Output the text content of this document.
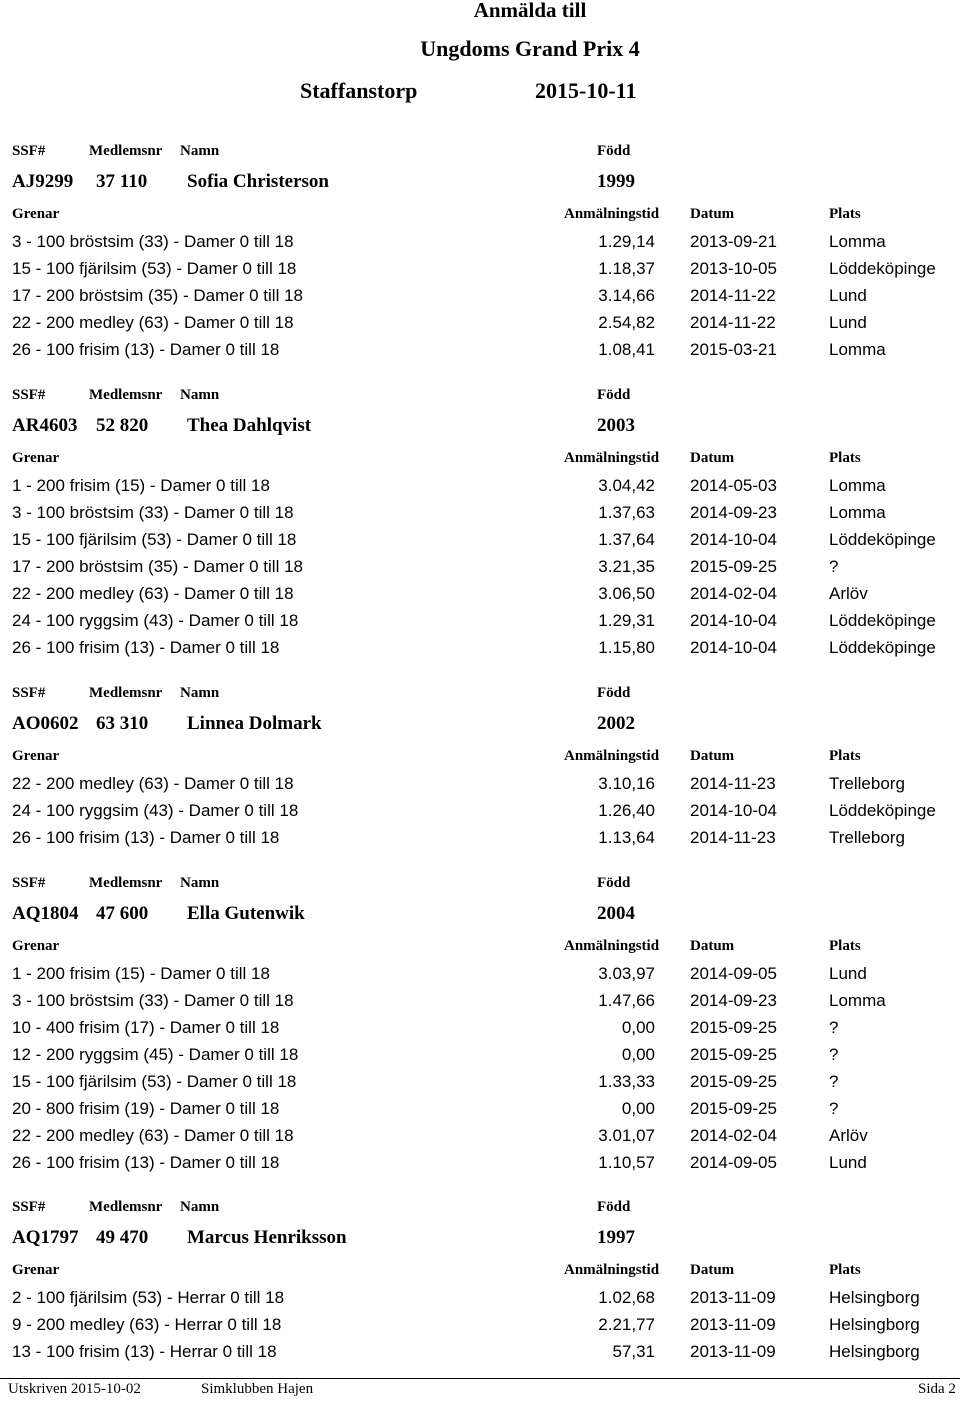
Anmälda till
Ungdoms Grand Prix 4
Staffanstorp	2015-10-11
SSF#	Medlemsnr Namn	Född
AJ9299 37 110 Sofia Christerson	1999
Grenar	Anmälningstid Datum	Plats
3 - 100 bröstsim (33) - Damer 0 till 18	1.29,14 2013-09-21	Lomma
15 - 100 fjärilsim (53) - Damer 0 till 18	1.18,37 2013-10-05	Löddeköpinge
17 - 200 bröstsim (35) - Damer 0 till 18	3.14,66 2014-11-22	Lund
22 - 200 medley (63) - Damer 0 till 18	2.54,82 2014-11-22	Lund
26 - 100 frisim (13) - Damer 0 till 18	1.08,41 2015-03-21	Lomma
SSF#	Medlemsnr Namn	Född
AR4603 52 820 Thea Dahlqvist	2003
Grenar	Anmälningstid Datum	Plats
1 - 200 frisim (15) - Damer 0 till 18	3.04,42 2014-05-03	Lomma
3 - 100 bröstsim (33) - Damer 0 till 18	1.37,63 2014-09-23	Lomma
15 - 100 fjärilsim (53) - Damer 0 till 18	1.37,64 2014-10-04	Löddeköpinge
17 - 200 bröstsim (35) - Damer 0 till 18	3.21,35 2015-09-25	?
22 - 200 medley (63) - Damer 0 till 18	3.06,50 2014-02-04	Arlöv
24 - 100 ryggsim (43) - Damer 0 till 18	1.29,31 2014-10-04	Löddeköpinge
26 - 100 frisim (13) - Damer 0 till 18	1.15,80 2014-10-04	Löddeköpinge
SSF#	Medlemsnr Namn	Född
AO0602 63 310 Linnea Dolmark	2002
Grenar	Anmälningstid Datum	Plats
22 - 200 medley (63) - Damer 0 till 18	3.10,16 2014-11-23	Trelleborg
24 - 100 ryggsim (43) - Damer 0 till 18	1.26,40 2014-10-04	Löddeköpinge
26 - 100 frisim (13) - Damer 0 till 18	1.13,64 2014-11-23	Trelleborg
SSF#	Medlemsnr Namn	Född
AQ1804 47 600 Ella Gutenwik	2004
Grenar	Anmälningstid Datum	Plats
1 - 200 frisim (15) - Damer 0 till 18	3.03,97 2014-09-05	Lund
3 - 100 bröstsim (33) - Damer 0 till 18	1.47,66 2014-09-23	Lomma
10 - 400 frisim (17) - Damer 0 till 18	0,00 2015-09-25	?
12 - 200 ryggsim (45) - Damer 0 till 18	0,00 2015-09-25	?
15 - 100 fjärilsim (53) - Damer 0 till 18	1.33,33 2015-09-25	?
20 - 800 frisim (19) - Damer 0 till 18	0,00 2015-09-25	?
22 - 200 medley (63) - Damer 0 till 18	3.01,07 2014-02-04	Arlöv
26 - 100 frisim (13) - Damer 0 till 18	1.10,57 2014-09-05	Lund
SSF#	Medlemsnr Namn	Född
AQ1797 49 470 Marcus Henriksson	1997
Grenar	Anmälningstid Datum	Plats
2 - 100 fjärilsim (53) - Herrar 0 till 18	1.02,68 2013-11-09	Helsingborg
9 - 200 medley (63) - Herrar 0 till 18	2.21,77 2013-11-09	Helsingborg
13 - 100 frisim (13) - Herrar 0 till 18	57,31 2013-11-09	Helsingborg
Utskriven 2015-10-02	Simklubben Hajen	Sida 2
